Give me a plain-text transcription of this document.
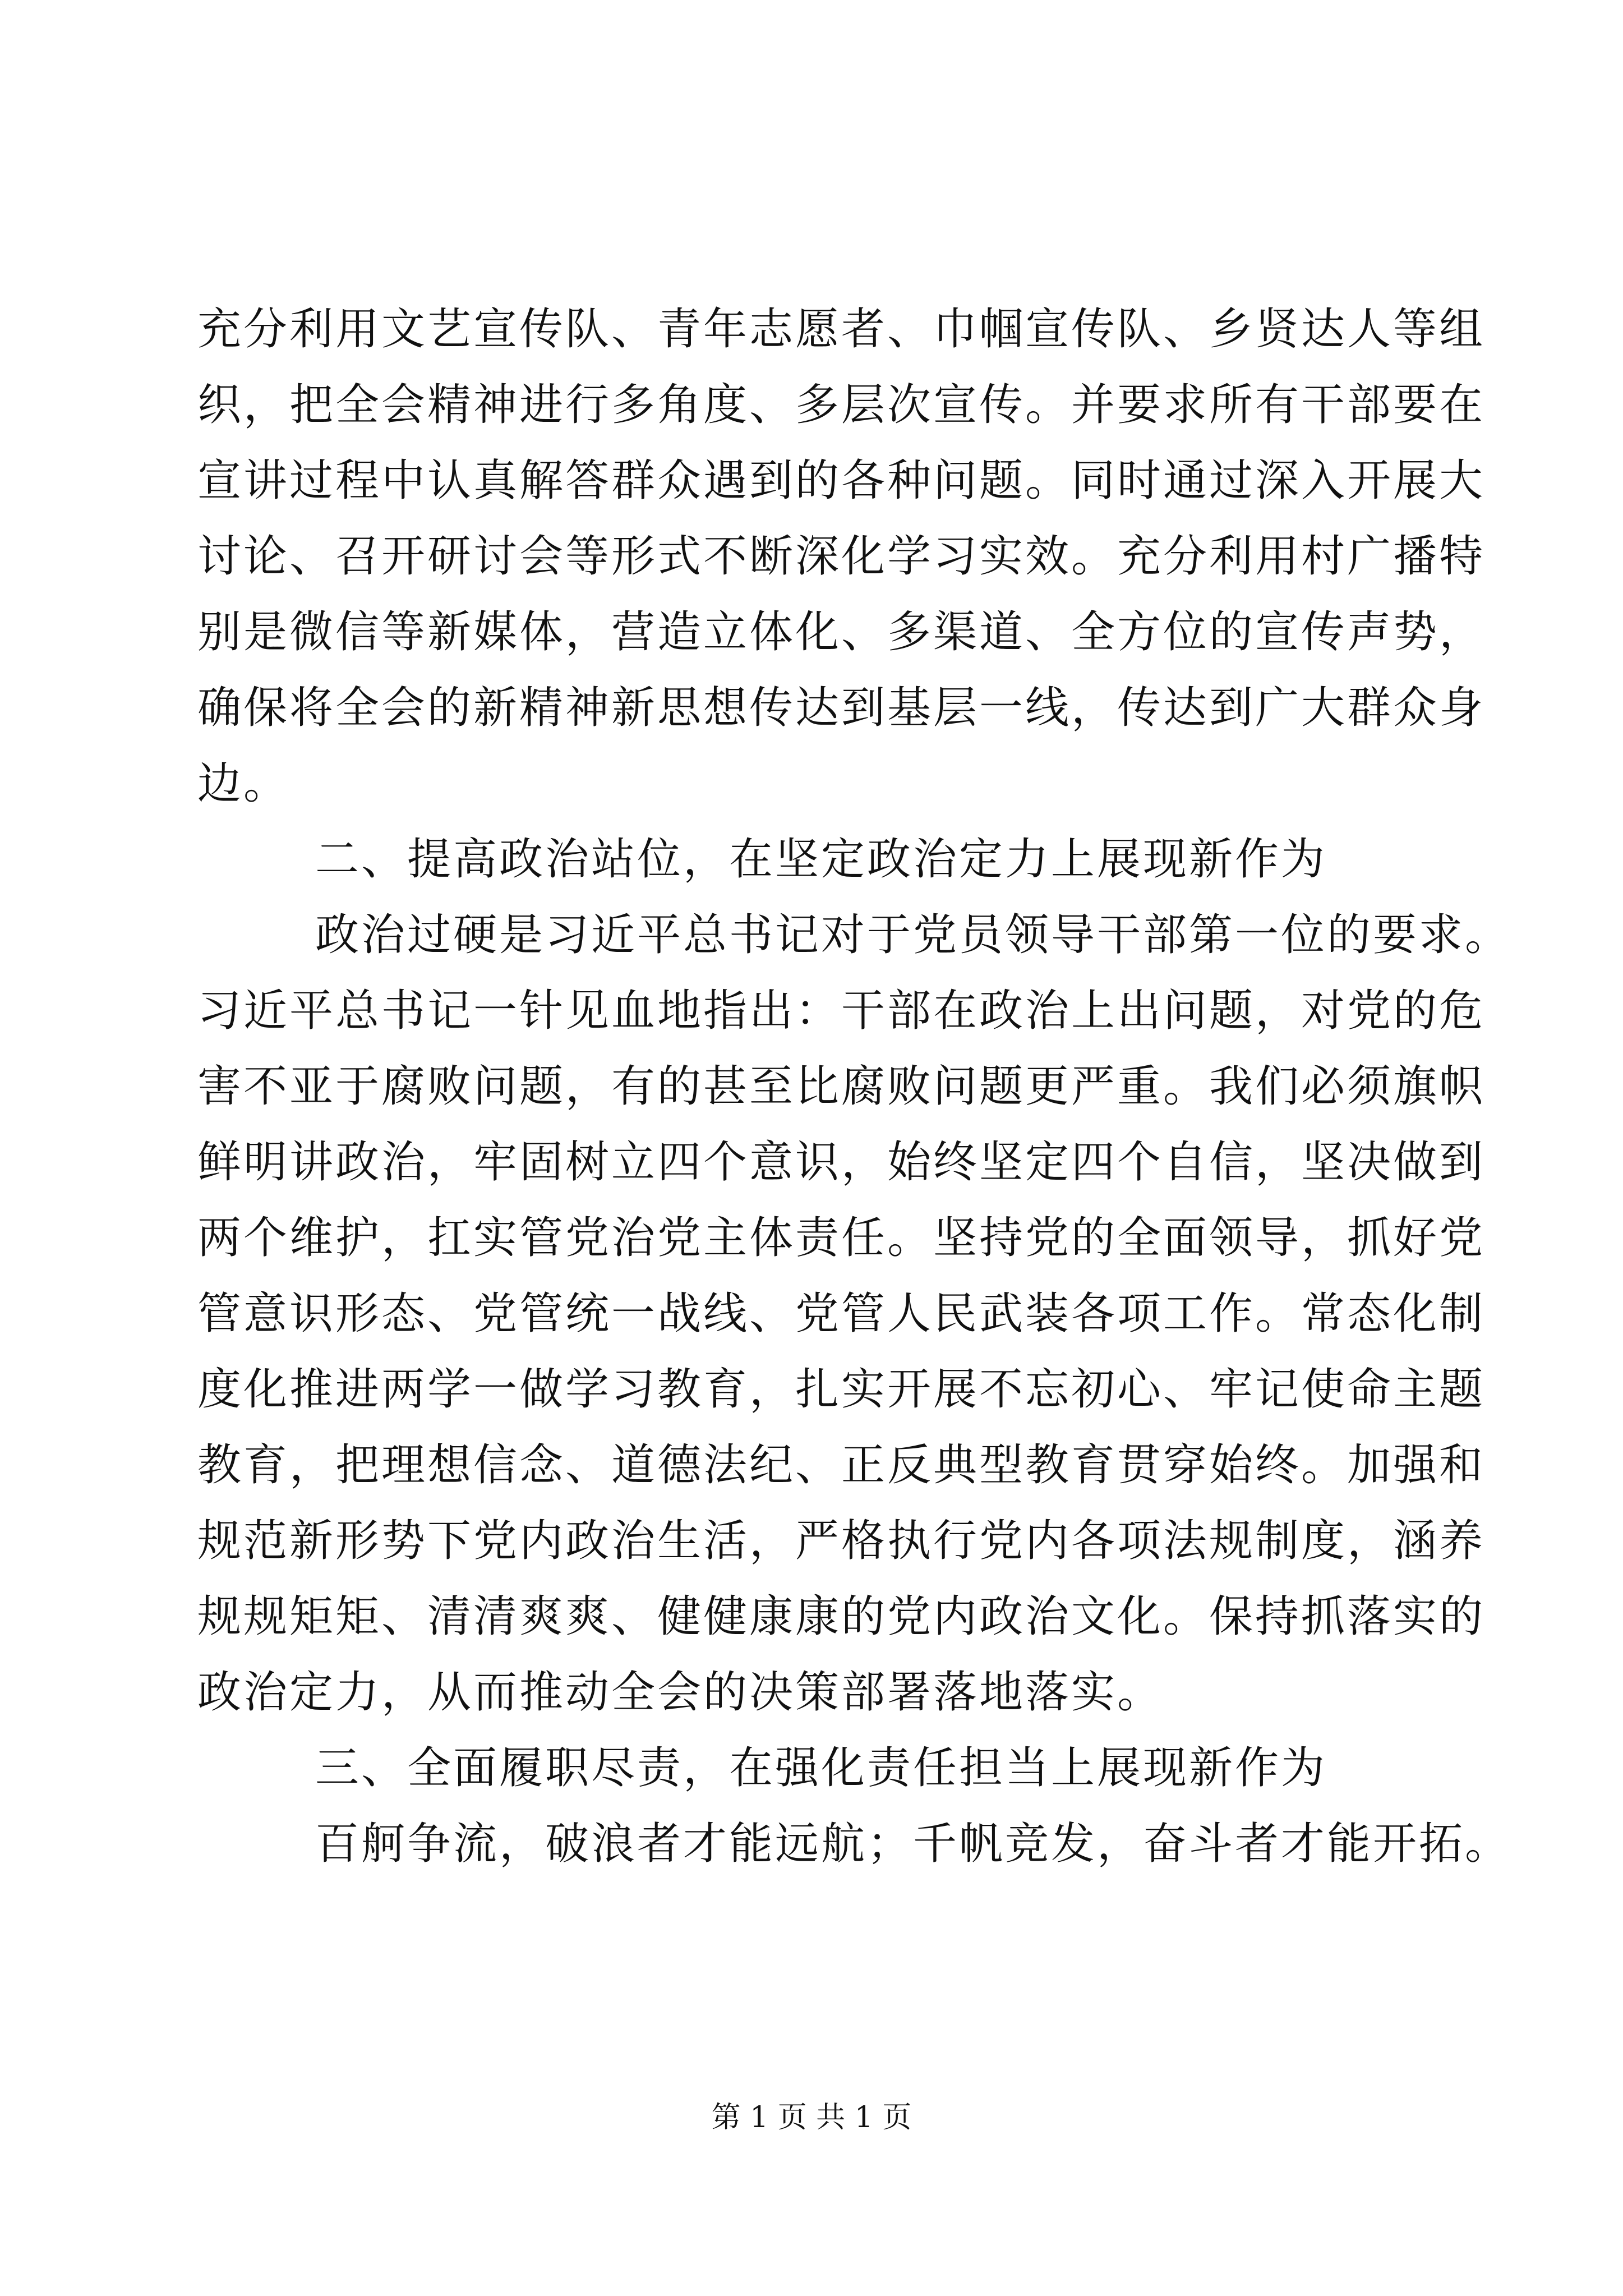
充分利用文艺宣传队、青年志愿者、巾帼宣传队、乡贤达人等组
织，把全会精神进行多角度、多层次宣传。并要求所有干部要在
宣讲过程中认真解答群众遇到的各种问题。同时通过深入开展大
讨论、召开研讨会等形式不断深化学习实效。充分利用村广播特
别是微信等新媒体，营造立体化、多渠道、全方位的宣传声势，
确保将全会的新精神新思想传达到基层一线，传达到广大群众身
边。
二、提高政治站位，在坚定政治定力上展现新作为
政治过硬是习近平总书记对于党员领导干部第一位的要求。
习近平总书记一针见血地指出：干部在政治上出问题，对党的危
害不亚于腐败问题，有的甚至比腐败问题更严重。我们必须旗帜
鲜明讲政治，牢固树立四个意识，始终坚定四个自信，坚决做到
两个维护，扛实管党治党主体责任。坚持党的全面领导，抓好党
管意识形态、党管统一战线、党管人民武装各项工作。常态化制
度化推进两学一做学习教育，扎实开展不忘初心、牢记使命主题
教育，把理想信念、道德法纪、正反典型教育贯穿始终。加强和
规范新形势下党内政治生活，严格执行党内各项法规制度，涵养
规规矩矩、清清爽爽、健健康康的党内政治文化。保持抓落实的
政治定力，从而推动全会的决策部署落地落实。
三、全面履职尽责，在强化责任担当上展现新作为
百舸争流，破浪者才能远航；千帆竞发，奋斗者才能开拓。
第 1 页 共 1 页
